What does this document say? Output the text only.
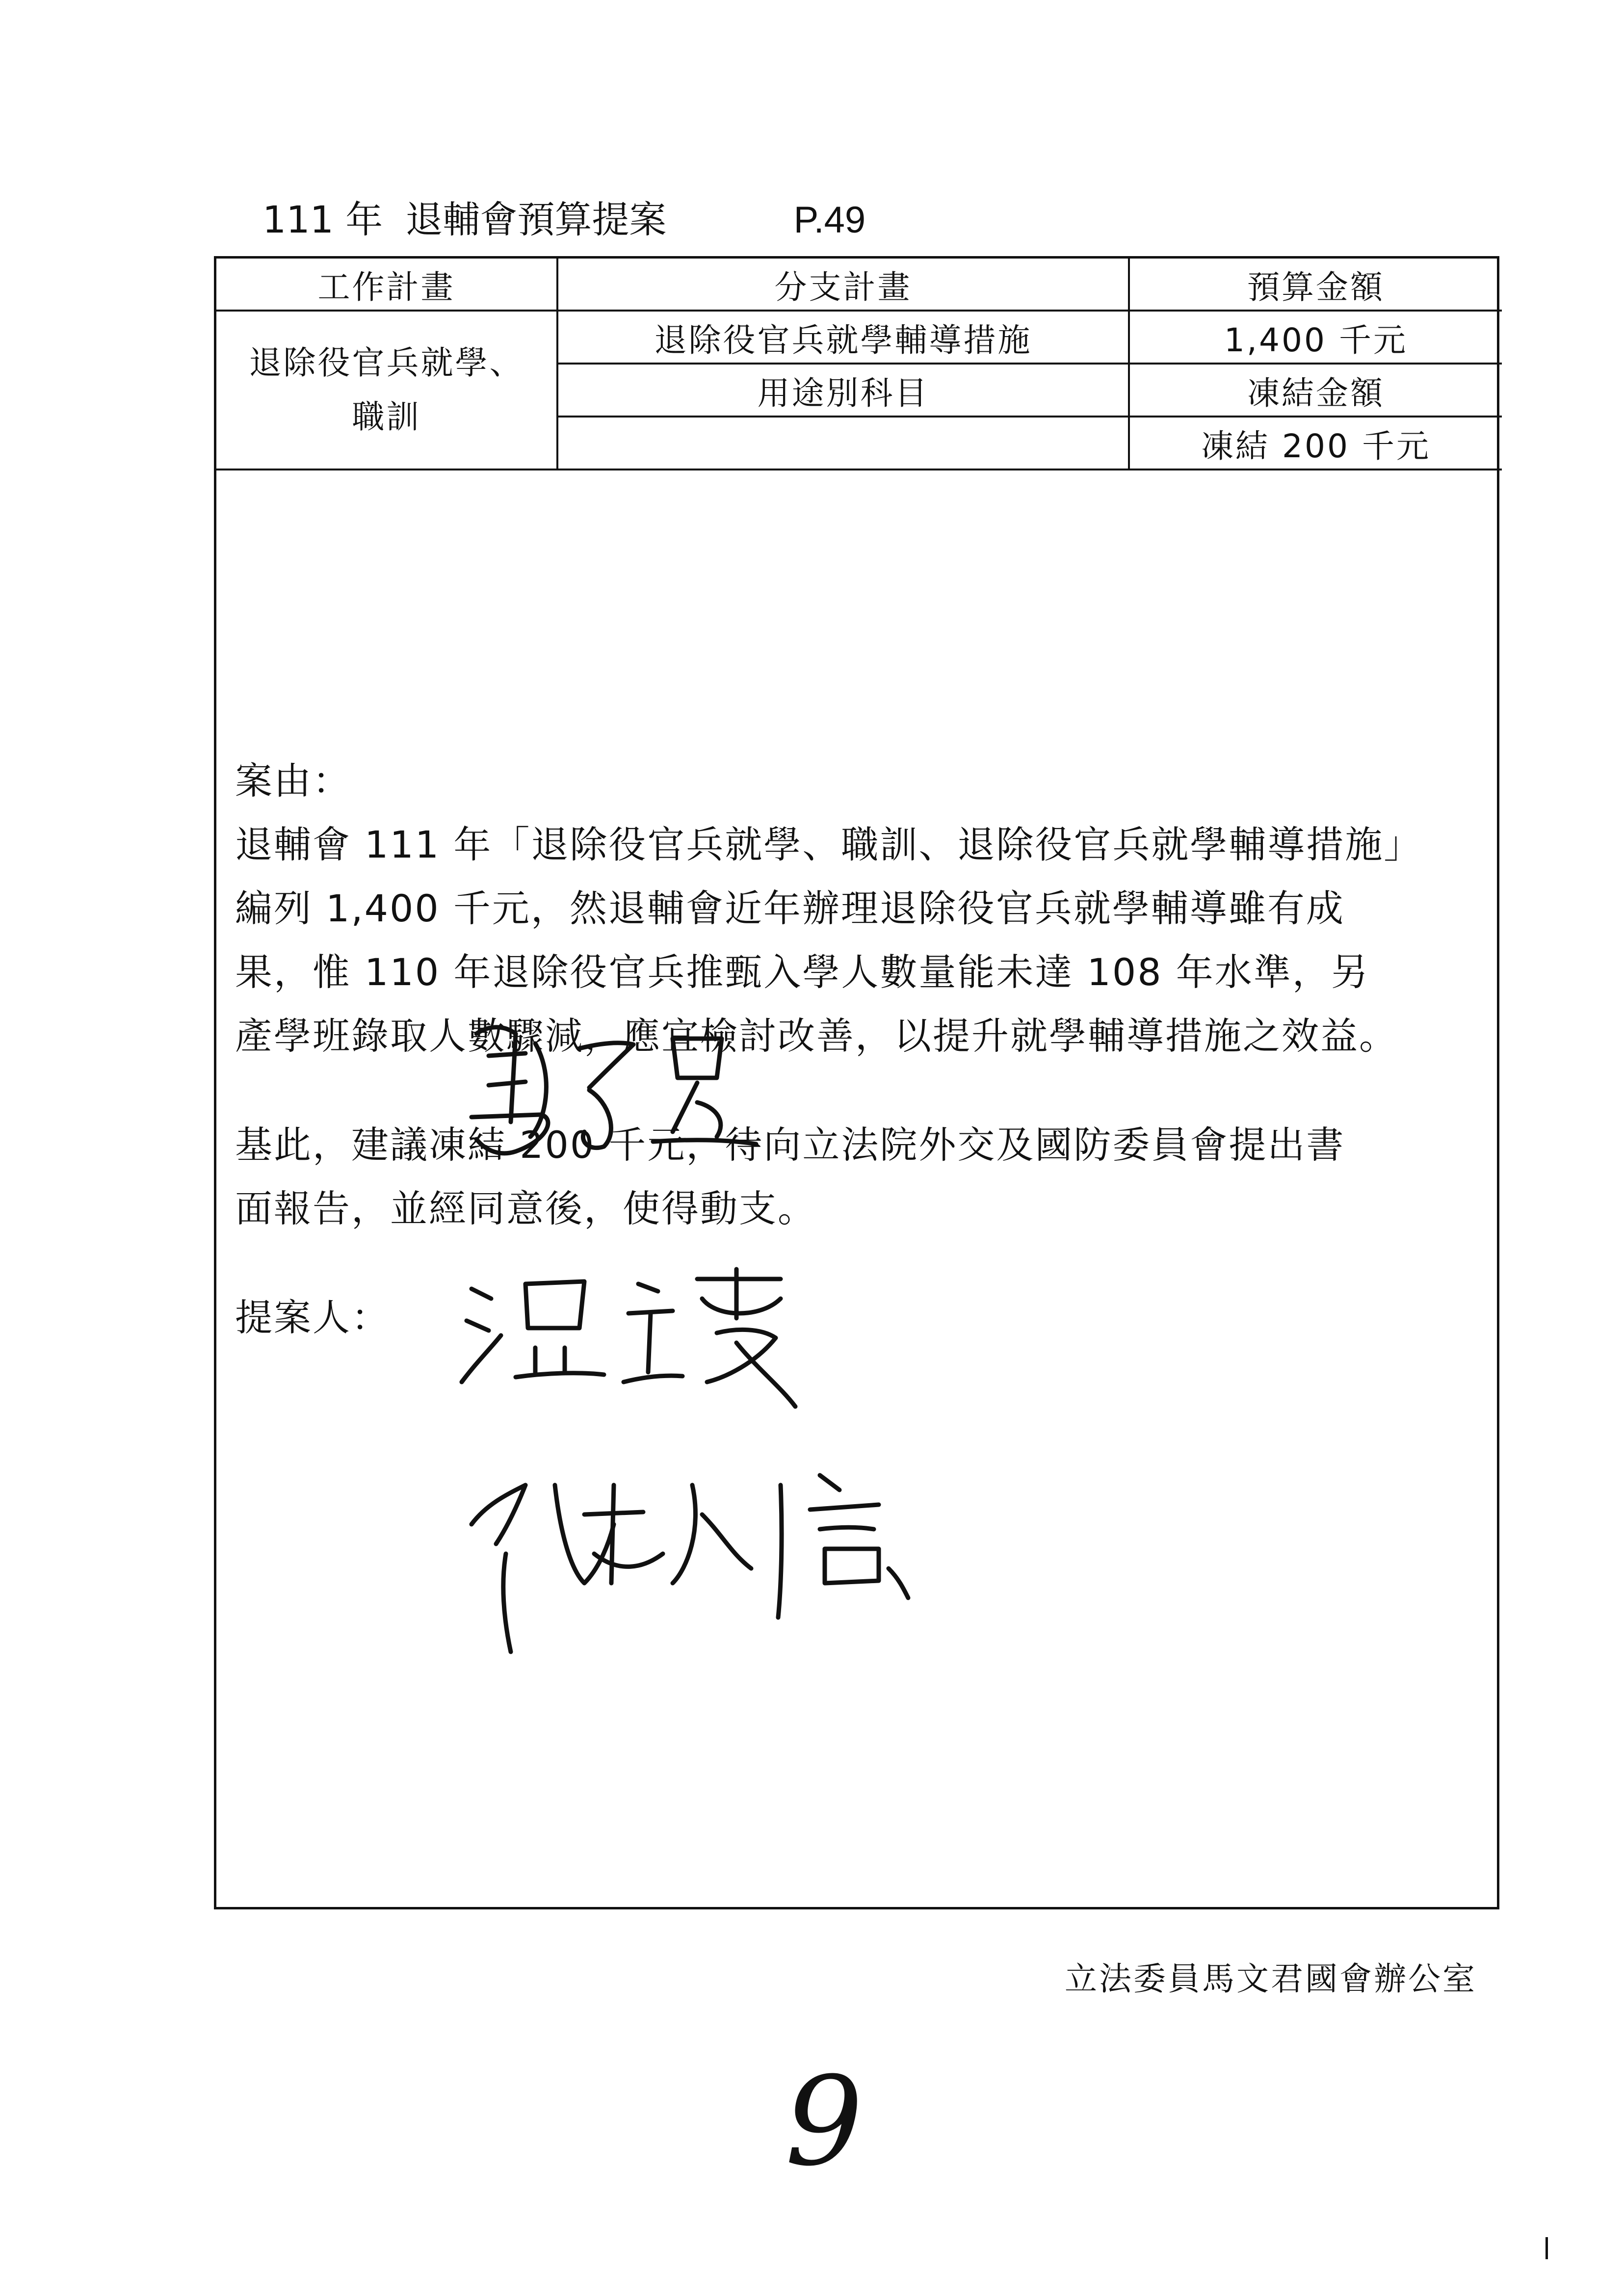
111 年 退輔會預算提案	P.49
工作計畫	分支計畫	預算金額

退除役官兵就學、
職訓	退除役官兵就學輔導措施	1,400 千元
	用途別科目	凍結金額
		凍結 200 千元

案由：

退輔會 111 年「退除役官兵就學、職訓、退除役官兵就學輔導措施」

編列 1,400 千元，然退輔會近年辦理退除役官兵就學輔導雖有成

果，惟 110 年退除役官兵推甄入學人數量能未達 108 年水準，另

產學班錄取人數驟減，應宜檢討改善，以提升就學輔導措施之效益。

基此，建議凍結 200 千元，待向立法院外交及國防委員會提出書

面報告，並經同意後，使得動支。

提案人：

立法委員馬文君國會辦公室
9
